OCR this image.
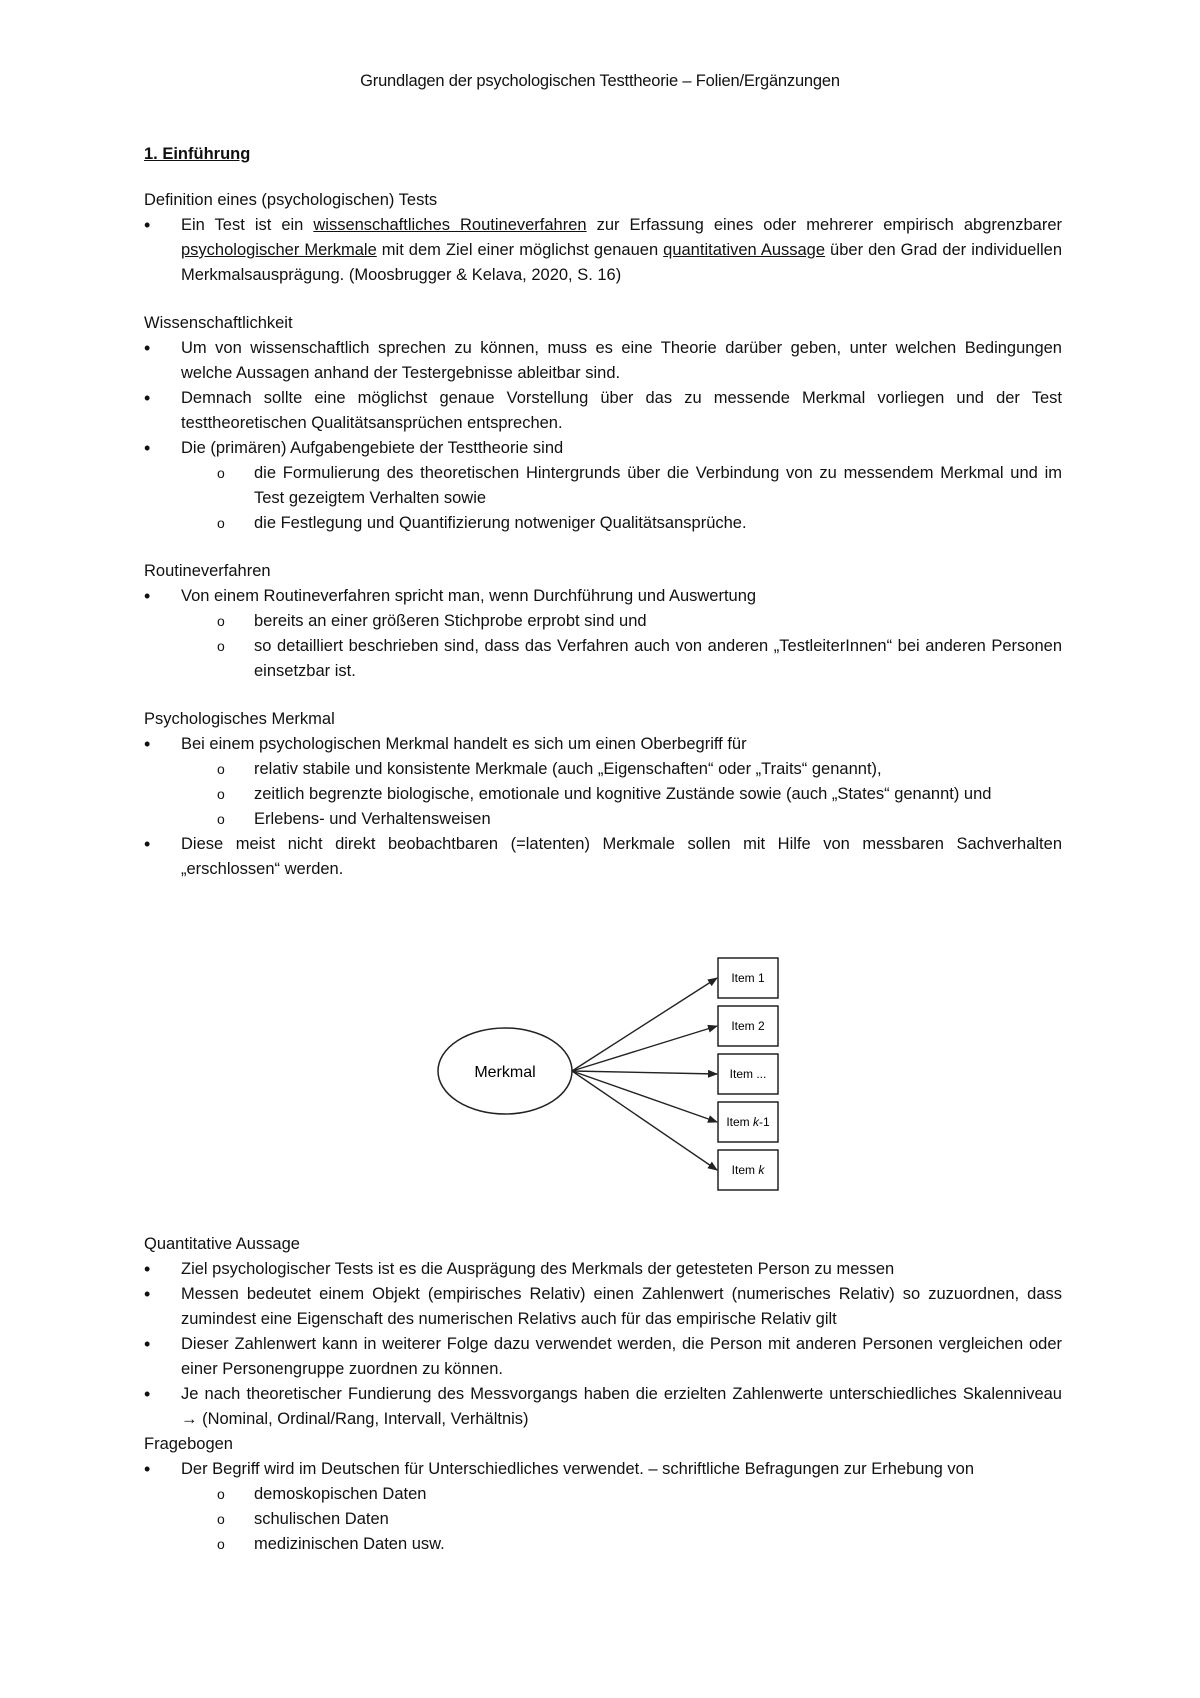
Grundlagen der psychologischen Testtheorie – Folien/Ergänzungen
1. Einführung
Definition eines (psychologischen) Tests
• Ein Test ist ein wissenschaftliches Routineverfahren zur Erfassung eines oder mehrerer empirisch abgrenzbarer psychologischer Merkmale mit dem Ziel einer möglichst genauen quantitativen Aussage über den Grad der individuellen Merkmalsausprägung. (Moosbrugger & Kelava, 2020, S. 16)
Wissenschaftlichkeit
• Um von wissenschaftlich sprechen zu können, muss es eine Theorie darüber geben, unter welchen Bedingungen welche Aussagen anhand der Testergebnisse ableitbar sind.
• Demnach sollte eine möglichst genaue Vorstellung über das zu messende Merkmal vorliegen und der Test testtheoretischen Qualitätsansprüchen entsprechen.
• Die (primären) Aufgabengebiete der Testtheorie sind
o die Formulierung des theoretischen Hintergrunds über die Verbindung von zu messendem Merkmal und im Test gezeigtem Verhalten sowie
o die Festlegung und Quantifizierung notweniger Qualitätsansprüche.
Routineverfahren
• Von einem Routineverfahren spricht man, wenn Durchführung und Auswertung
o bereits an einer größeren Stichprobe erprobt sind und
o so detailliert beschrieben sind, dass das Verfahren auch von anderen „TestleiterInnen“ bei anderen Personen einsetzbar ist.
Psychologisches Merkmal
• Bei einem psychologischen Merkmal handelt es sich um einen Oberbegriff für
o relativ stabile und konsistente Merkmale (auch „Eigenschaften“ oder „Traits“ genannt),
o zeitlich begrenzte biologische, emotionale und kognitive Zustände sowie (auch „States“ genannt) und
o Erlebens- und Verhaltensweisen
• Diese meist nicht direkt beobachtbaren (=latenten) Merkmale sollen mit Hilfe von messbaren Sachverhalten „erschlossen“ werden.
Merkmal
Item 1
Item 2
Item ...
Item k-1
Item k
Quantitative Aussage
• Ziel psychologischer Tests ist es die Ausprägung des Merkmals der getesteten Person zu messen
• Messen bedeutet einem Objekt (empirisches Relativ) einen Zahlenwert (numerisches Relativ) so zuzuordnen, dass zumindest eine Eigenschaft des numerischen Relativs auch für das empirische Relativ gilt
• Dieser Zahlenwert kann in weiterer Folge dazu verwendet werden, die Person mit anderen Personen vergleichen oder einer Personengruppe zuordnen zu können.
• Je nach theoretischer Fundierung des Messvorgangs haben die erzielten Zahlenwerte unterschiedliches Skalenniveau → (Nominal, Ordinal/Rang, Intervall, Verhältnis)
Fragebogen
• Der Begriff wird im Deutschen für Unterschiedliches verwendet. – schriftliche Befragungen zur Erhebung von
o demoskopischen Daten
o schulischen Daten
o medizinischen Daten usw.
